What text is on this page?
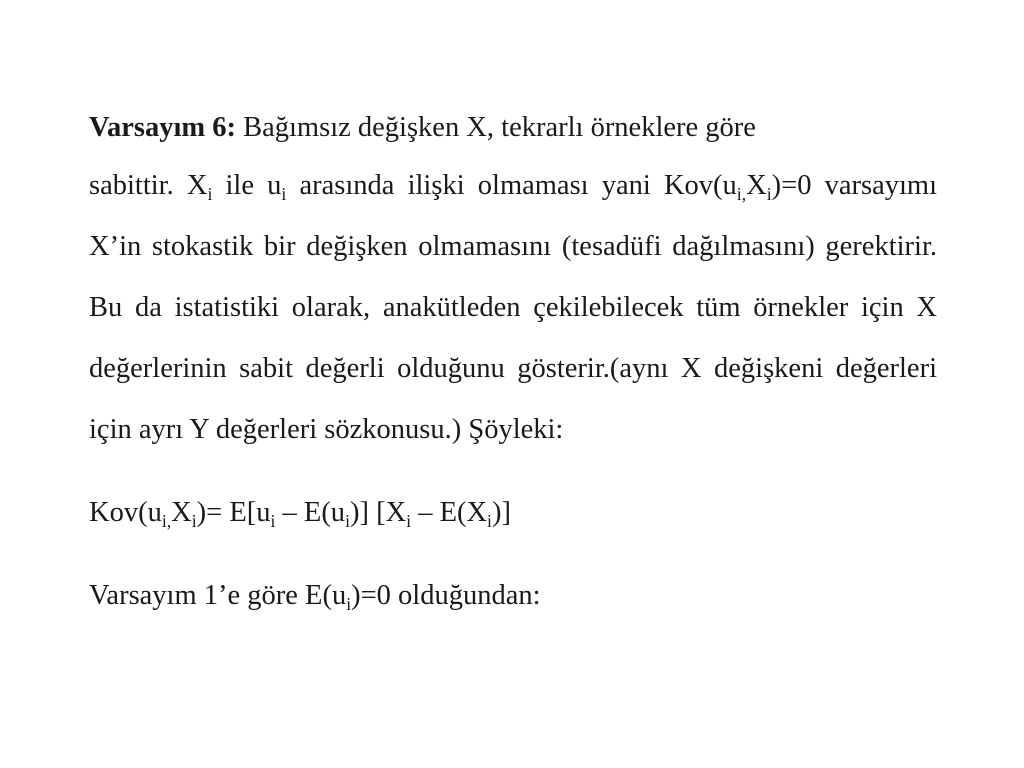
Varsayım 6: Bağımsız değişken X, tekrarlı örneklere göre

sabittir. $X_i$ ile $u_i$ arasında ilişki olmaması yani $Kov(u_{i,}X_i)=0$ varsayımı X’in stokastik bir değişken olmamasını (tesadüfi dağılmasını) gerektirir. Bu da istatistiki olarak, anakütleden çekilebilecek tüm örnekler için X değerlerinin sabit değerli olduğunu gösterir.(aynı X değişkeni değerleri için ayrı Y değerleri sözkonusu.) Şöyleki:

$Kov(u_{i,}X_i)= E[u_i - E(u_i)]$ $[X_i - E(X_i)]$

Varsayım 1’e göre $E(u_i)=0$ olduğundan:
